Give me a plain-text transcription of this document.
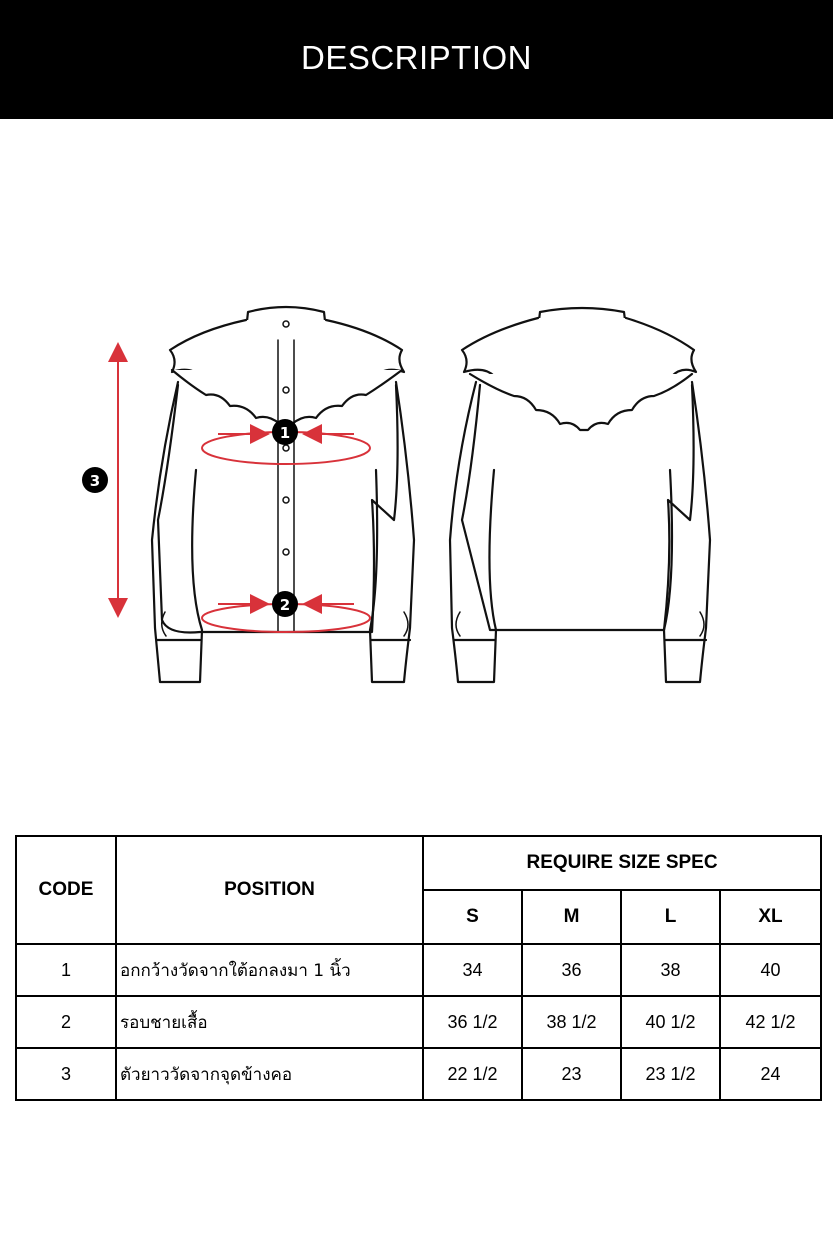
DESCRIPTION
1
2
3
CODE	POSITION	REQUIRE SIZE SPEC			
		S	M	L	XL
1	อกกว้างวัดจากใต้อกลงมา 1 นิ้ว	34	36	38	40
2	รอบชายเสื้อ	36 1/2	38 1/2	40 1/2	42 1/2
3	ตัวยาววัดจากจุดข้างคอ	22 1/2	23	23 1/2	24
